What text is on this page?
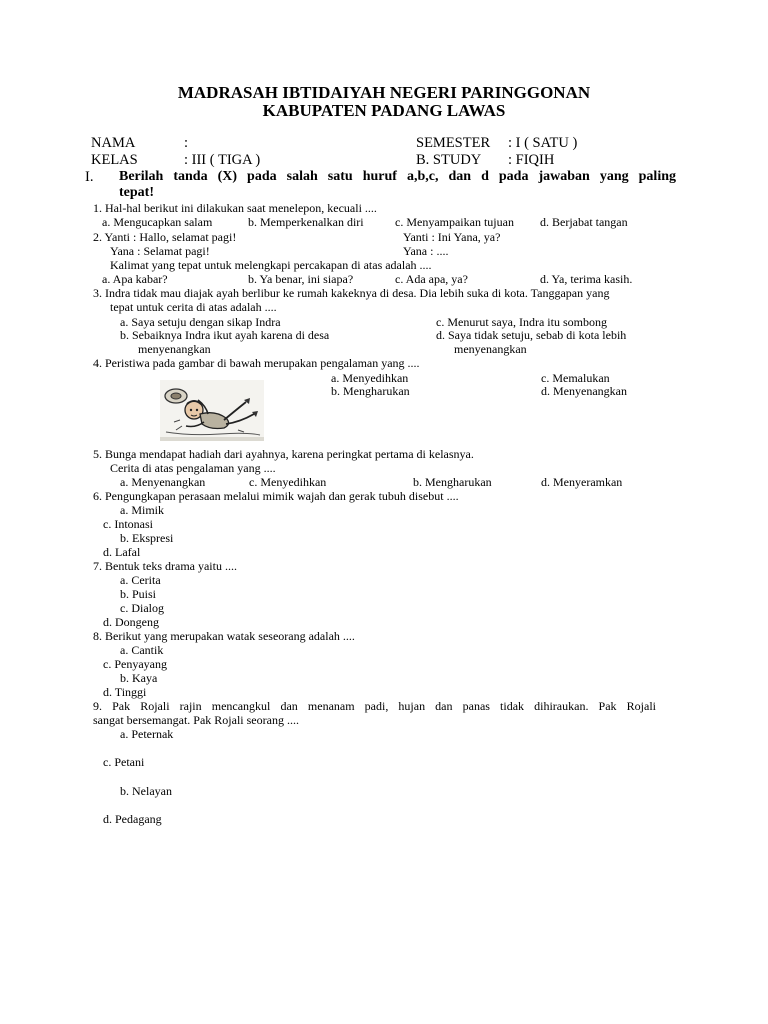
MADRASAH IBTIDAIYAH NEGERI PARINGGONAN
KABUPATEN PADANG LAWAS
NAMA	:	SEMESTER : I ( SATU )
KELAS	: III ( TIGA )	B. STUDY : FIQIH
I. Berilah tanda (X) pada salah satu huruf a,b,c, dan d pada jawaban yang paling
tepat!
1. Hal-hal berikut ini dilakukan saat menelepon, kecuali ....
a. Mengucapkan salam	b. Memperkenalkan diri	c. Menyampaikan tujuan d. Berjabat tangan
2. Yanti : Hallo, selamat pagi!	Yanti : Ini Yana, ya?
Yana : Selamat pagi!	Yana : ....
Kalimat yang tepat untuk melengkapi percakapan di atas adalah ....
a. Apa kabar?	b. Ya benar, ini siapa?	c. Ada apa, ya?	d. Ya, terima kasih.
3. Indra tidak mau diajak ayah berlibur ke rumah kakeknya di desa. Dia lebih suka di kota. Tanggapan yang
tepat untuk cerita di atas adalah ....
a. Saya setuju dengan sikap Indra	c. Menurut saya, Indra itu sombong
b. Sebaiknya Indra ikut ayah karena di desa	d. Saya tidak setuju, sebab di kota lebih
menyenangkan	menyenangkan
4. Peristiwa pada gambar di bawah merupakan pengalaman yang ....
a. Menyedihkan	c. Memalukan
b. Mengharukan	d. Menyenangkan
5. Bunga mendapat hadiah dari ayahnya, karena peringkat pertama di kelasnya.
Cerita di atas pengalaman yang ....
a. Menyenangkan	c. Menyedihkan	b. Mengharukan	d. Menyeramkan
6. Pengungkapan perasaan melalui mimik wajah dan gerak tubuh disebut ....
a. Mimik
c. Intonasi
b. Ekspresi
d. Lafal
7. Bentuk teks drama yaitu ....
a. Cerita
b. Puisi
c. Dialog
d. Dongeng
8. Berikut yang merupakan watak seseorang adalah ....
a. Cantik
c. Penyayang
b. Kaya
d. Tinggi
9. Pak Rojali rajin mencangkul dan menanam padi, hujan dan panas tidak dihiraukan. Pak Rojali
sangat bersemangat. Pak Rojali seorang ....
a. Peternak
c. Petani
b. Nelayan
d. Pedagang
